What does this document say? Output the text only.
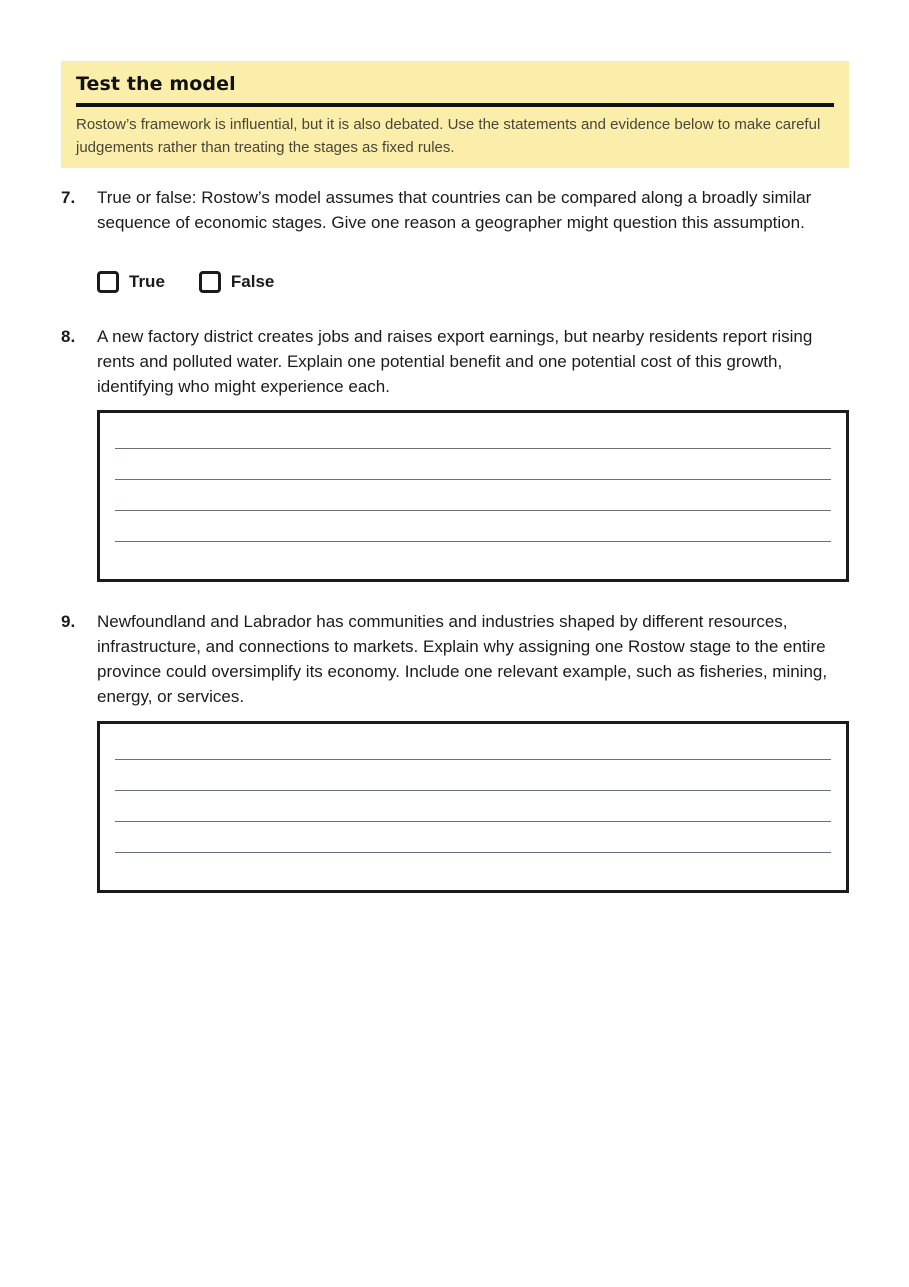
Test the model
Rostow’s framework is influential, but it is also debated. Use the statements and evidence below to make careful judgements rather than treating the stages as fixed rules.
7. True or false: Rostow’s model assumes that countries can be compared along a broadly similar sequence of economic stages. Give one reason a geographer might question this assumption.
True	False
8. A new factory district creates jobs and raises export earnings, but nearby residents report rising rents and polluted water. Explain one potential benefit and one potential cost of this growth, identifying who might experience each.
9. Newfoundland and Labrador has communities and industries shaped by different resources, infrastructure, and connections to markets. Explain why assigning one Rostow stage to the entire province could oversimplify its economy. Include one relevant example, such as fisheries, mining, energy, or services.
